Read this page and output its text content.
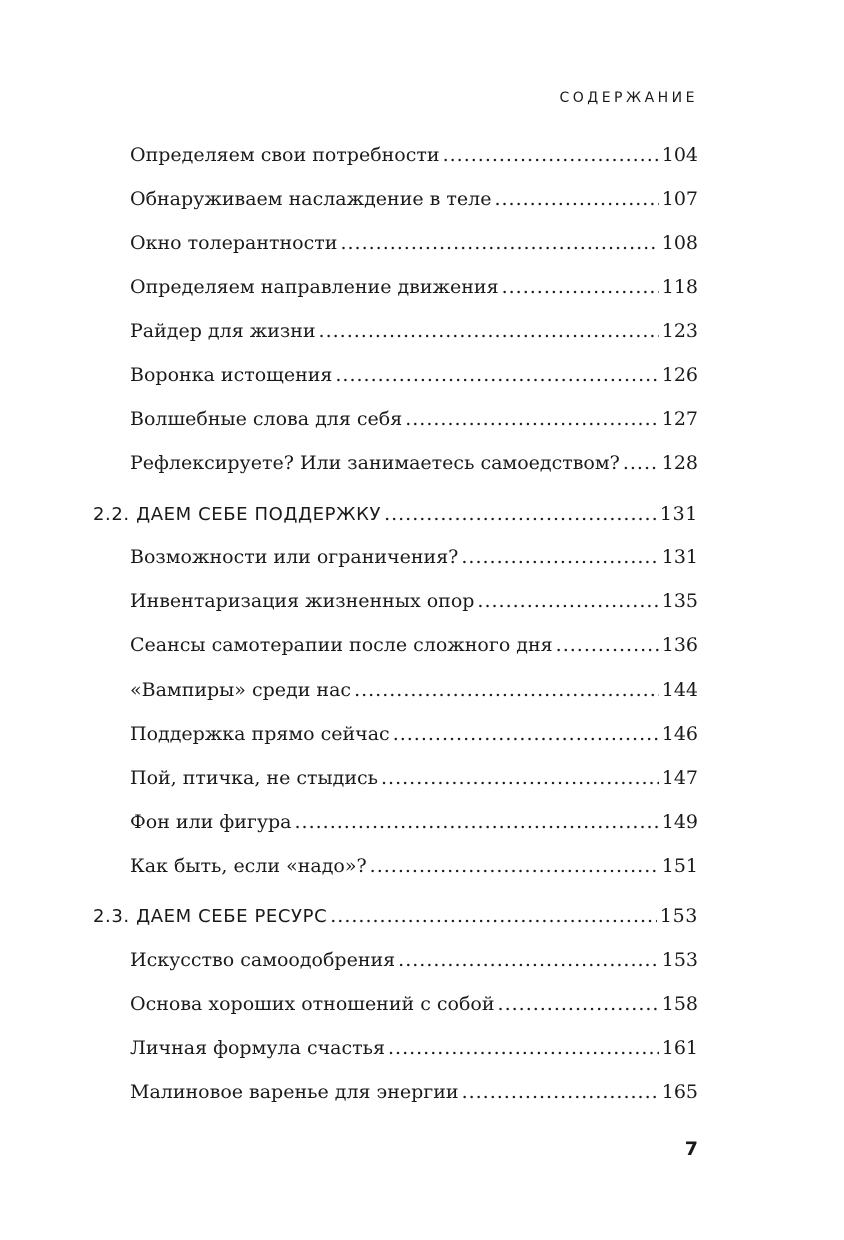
СОДЕРЖАНИЕ
Определяем свои потребности .....	104
Обнаруживаем наслаждение в теле .....	107
Окно толерантности .....	108
Определяем направление движения .....	118
Райдер для жизни .....	123
Воронка истощения .....	126
Волшебные слова для себя .....	127
Рефлексируете? Или занимаетесь самоедством? ..... 128
2.2. ДАЕМ СЕБЕ ПОДДЕРЖКУ .....	131
Возможности или ограничения? .....	131
Инвентаризация жизненных опор .....	135
Сеансы самотерапии после сложного дня .....	136
«Вампиры» среди нас .....	144
Поддержка прямо сейчас .....	146
Пой, птичка, не стыдись .....	147
Фон или фигура .....	149
Как быть, если «надо»? .....	151
2.3. ДАЕМ СЕБЕ РЕСУРС .....	153
Искусство самоодобрения .....	153
Основа хороших отношений с собой .....	158
Личная формула счастья .....	161
Малиновое варенье для энергии .....	165
7
